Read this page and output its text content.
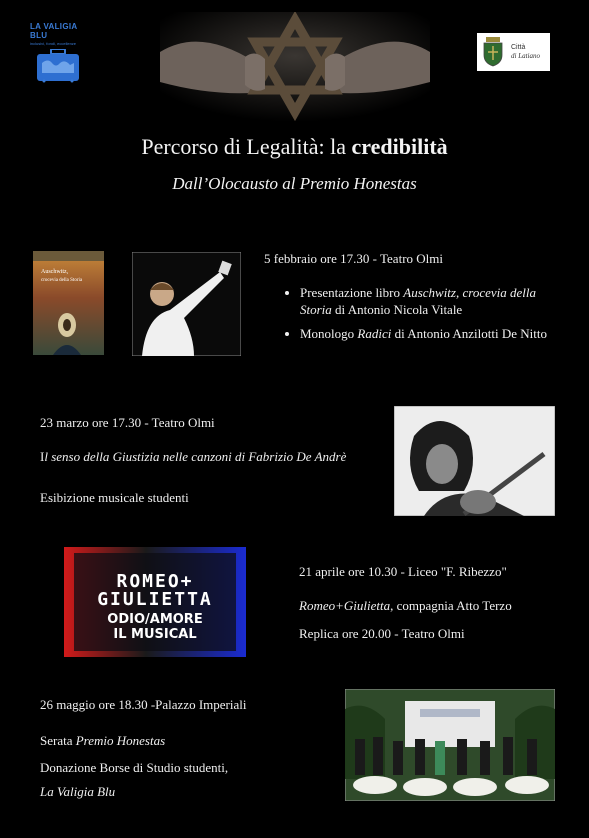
LA VALIGIA BLU
inclusivi, fondi, eccellenze
Città
di Latiano
Percorso di Legalità: la credibilità
Dall’Olocausto al Premio Honestas
Auschwitz,
crocevia della Storia
5 febbraio ore 17.30 - Teatro Olmi
• Presentazione libro Auschwitz, crocevia della Storia di Antonio Nicola Vitale
• Monologo Radici di Antonio Anzilotti De Nitto
23 marzo ore 17.30 - Teatro Olmi
Il senso della Giustizia nelle canzoni di Fabrizio De Andrè
Esibizione musicale studenti
ROMEO+
GIULIETTA
ODIO/AMORE
IL MUSICAL
21 aprile ore 10.30 - Liceo "F. Ribezzo"
Romeo+Giulietta, compagnia Atto Terzo
Replica ore 20.00 - Teatro Olmi
26 maggio ore 18.30 -Palazzo Imperiali
Serata Premio Honestas
Donazione Borse di Studio studenti,
La Valigia Blu
